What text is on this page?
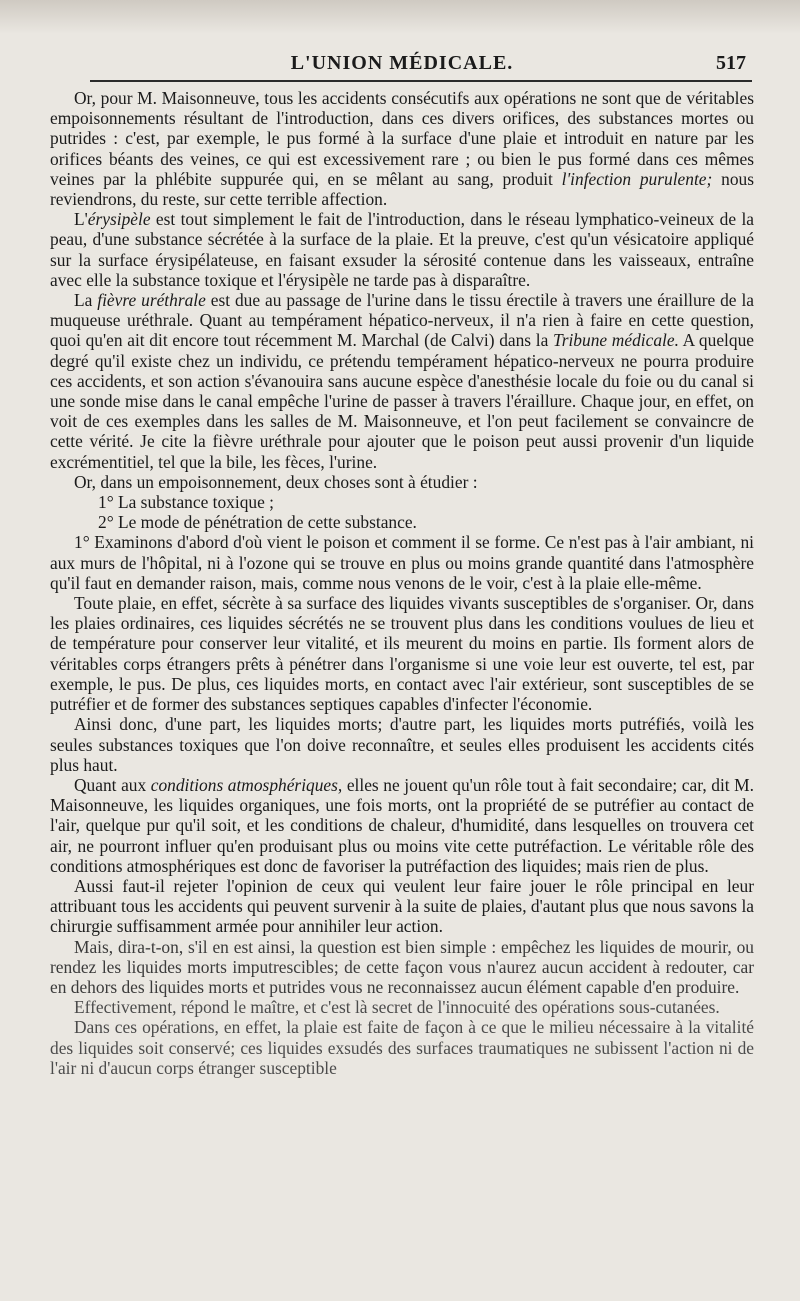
L'UNION MÉDICALE.	517

Or, pour M. Maisonneuve, tous les accidents consécutifs aux opérations ne sont que de véritables empoisonnements résultant de l'introduction, dans ces divers orifices, des substances mortes ou putrides : c'est, par exemple, le pus formé à la surface d'une plaie et introduit en nature par les orifices béants des veines, ce qui est excessivement rare ; ou bien le pus formé dans ces mêmes veines par la phlébite suppurée qui, en se mêlant au sang, produit l'infection purulente; nous reviendrons, du reste, sur cette terrible affection.

L'érysipèle est tout simplement le fait de l'introduction, dans le réseau lymphatico-veineux de la peau, d'une substance sécrétée à la surface de la plaie. Et la preuve, c'est qu'un vésicatoire appliqué sur la surface érysipélateuse, en faisant exsuder la sérosité contenue dans les vaisseaux, entraîne avec elle la substance toxique et l'érysipèle ne tarde pas à disparaître.

La fièvre uréthrale est due au passage de l'urine dans le tissu érectile à travers une éraillure de la muqueuse uréthrale. Quant au tempérament hépatico-nerveux, il n'a rien à faire en cette question, quoi qu'en ait dit encore tout récemment M. Marchal (de Calvi) dans la Tribune médicale. A quelque degré qu'il existe chez un individu, ce prétendu tempérament hépatico-nerveux ne pourra produire ces accidents, et son action s'évanouira sans aucune espèce d'anesthésie locale du foie ou du canal si une sonde mise dans le canal empêche l'urine de passer à travers l'éraillure. Chaque jour, en effet, on voit de ces exemples dans les salles de M. Maisonneuve, et l'on peut facilement se convaincre de cette vérité. Je cite la fièvre uréthrale pour ajouter que le poison peut aussi provenir d'un liquide excrémentitiel, tel que la bile, les fèces, l'urine.

Or, dans un empoisonnement, deux choses sont à étudier :

1° La substance toxique ;

2° Le mode de pénétration de cette substance.

1° Examinons d'abord d'où vient le poison et comment il se forme. Ce n'est pas à l'air ambiant, ni aux murs de l'hôpital, ni à l'ozone qui se trouve en plus ou moins grande quantité dans l'atmosphère qu'il faut en demander raison, mais, comme nous venons de le voir, c'est à la plaie elle-même.

Toute plaie, en effet, sécrète à sa surface des liquides vivants susceptibles de s'organiser. Or, dans les plaies ordinaires, ces liquides sécrétés ne se trouvent plus dans les conditions voulues de lieu et de température pour conserver leur vitalité, et ils meurent du moins en partie. Ils forment alors de véritables corps étrangers prêts à pénétrer dans l'organisme si une voie leur est ouverte, tel est, par exemple, le pus. De plus, ces liquides morts, en contact avec l'air extérieur, sont susceptibles de se putréfier et de former des substances septiques capables d'infecter l'économie.

Ainsi donc, d'une part, les liquides morts; d'autre part, les liquides morts putréfiés, voilà les seules substances toxiques que l'on doive reconnaître, et seules elles produisent les accidents cités plus haut.

Quant aux conditions atmosphériques, elles ne jouent qu'un rôle tout à fait secondaire; car, dit M. Maisonneuve, les liquides organiques, une fois morts, ont la propriété de se putréfier au contact de l'air, quelque pur qu'il soit, et les conditions de chaleur, d'humidité, dans lesquelles on trouvera cet air, ne pourront influer qu'en produisant plus ou moins vite cette putréfaction. Le véritable rôle des conditions atmosphériques est donc de favoriser la putréfaction des liquides; mais rien de plus.

Aussi faut-il rejeter l'opinion de ceux qui veulent leur faire jouer le rôle principal en leur attribuant tous les accidents qui peuvent survenir à la suite de plaies, d'autant plus que nous savons la chirurgie suffisamment armée pour annihiler leur action.

Mais, dira-t-on, s'il en est ainsi, la question est bien simple : empêchez les liquides de mourir, ou rendez les liquides morts imputrescibles; de cette façon vous n'aurez aucun accident à redouter, car en dehors des liquides morts et putrides vous ne reconnaissez aucun élément capable d'en produire.

Effectivement, répond le maître, et c'est là secret de l'innocuité des opérations sous-cutanées.

Dans ces opérations, en effet, la plaie est faite de façon à ce que le milieu nécessaire à la vitalité des liquides soit conservé; ces liquides exsudés des surfaces traumatiques ne subissent l'action ni de l'air ni d'aucun corps étranger susceptible
